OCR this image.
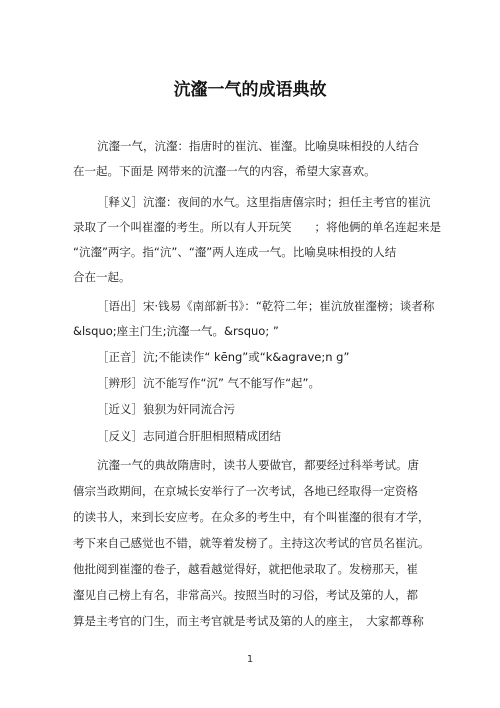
沆瀣一气的成语典故
沆瀣一气，沆瀣：指唐时的崔沆、崔瀣。比喻臭味相投的人结合
在一起。下面是 网带来的沆瀣一气的内容，希望大家喜欢。
［释义］沆瀣：夜间的水气。这里指唐僖宗时；担任主考官的崔沆
录取了一个叫崔瀣的考生。所以有人开玩笑　　；将他俩的单名连起来是
“沆瀣”两字。指“沆”、“瀣”两人连成一气。比喻臭味相投的人结
合在一起。
［语出］宋·钱易《南部新书》：“乾符二年；崔沆放崔瀣榜；谈者称
&lsquo;座主门生;沆瀣一气。&rsquo; ”
［正音］沆;不能读作“ kēng”或“k&agrave;n g”
［辨形］沆不能写作“沉” 气不能写作“起”。
［近义］狼狈为奸同流合污
［反义］志同道合肝胆相照精成团结
沆瀣一气的典故隋唐时，读书人要做官，都要经过科举考试。唐
僖宗当政期间，在京城长安举行了一次考试，各地已经取得一定资格
的读书人，来到长安应考。在众多的考生中，有个叫崔瀣的很有才学，
考下来自己感觉也不错，就等着发榜了。主持这次考试的官员名崔沆。
他批阅到崔瀣的卷子，越看越觉得好，就把他录取了。发榜那天，崔
瀣见自己榜上有名，非常高兴。按照当时的习俗，考试及第的人，都
算是主考官的门生，而主考官就是考试及第的人的座主，　大家都尊称
1
